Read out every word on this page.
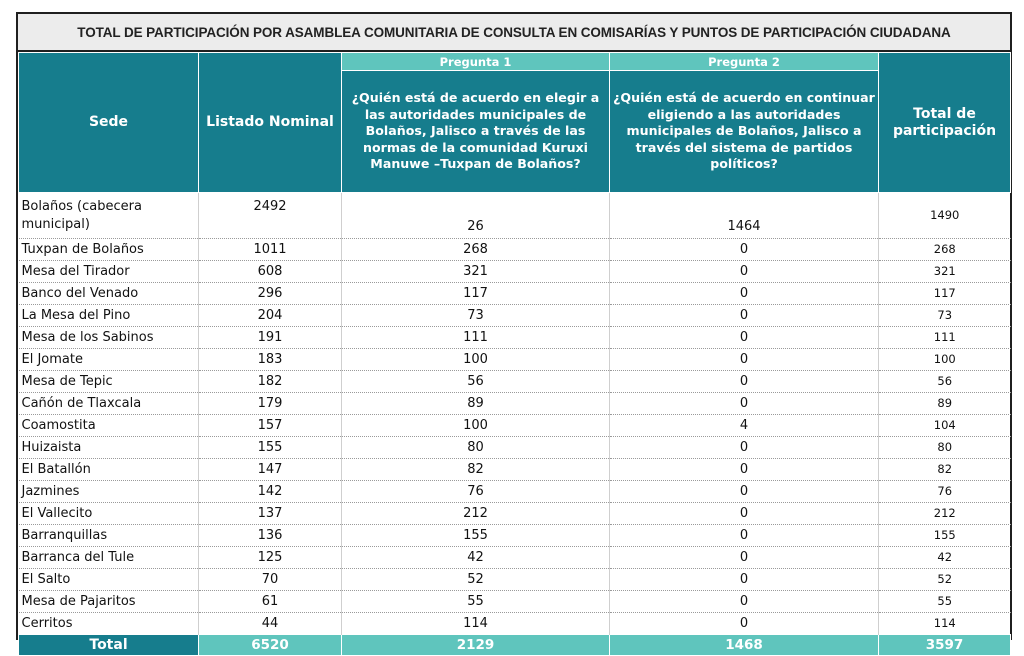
TOTAL DE PARTICIPACIÓN POR ASAMBLEA COMUNITARIA DE CONSULTA EN COMISARÍAS Y PUNTOS DE PARTICIPACIÓN CIUDADANA
Sede	Listado Nominal	Pregunta 1	Pregunta 2	Total de participación
		¿Quién está de acuerdo en elegir a las autoridades municipales de Bolaños, Jalisco a través de las normas de la comunidad Kuruxi Manuwe –Tuxpan de Bolaños?	¿Quién está de acuerdo en continuar eligiendo a las autoridades municipales de Bolaños, Jalisco a través del sistema de partidos políticos?	
Bolaños (cabecera municipal)	2492	26	1464	1490
Tuxpan de Bolaños	1011	268	0	268
Mesa del Tirador	608	321	0	321
Banco del Venado	296	117	0	117
La Mesa del Pino	204	73	0	73
Mesa de los Sabinos	191	111	0	111
El Jomate	183	100	0	100
Mesa de Tepic	182	56	0	56
Cañón de Tlaxcala	179	89	0	89
Coamostita	157	100	4	104
Huizaista	155	80	0	80
El Batallón	147	82	0	82
Jazmines	142	76	0	76
El Vallecito	137	212	0	212
Barranquillas	136	155	0	155
Barranca del Tule	125	42	0	42
El Salto	70	52	0	52
Mesa de Pajaritos	61	55	0	55
Cerritos	44	114	0	114
Total	6520	2129	1468	3597
